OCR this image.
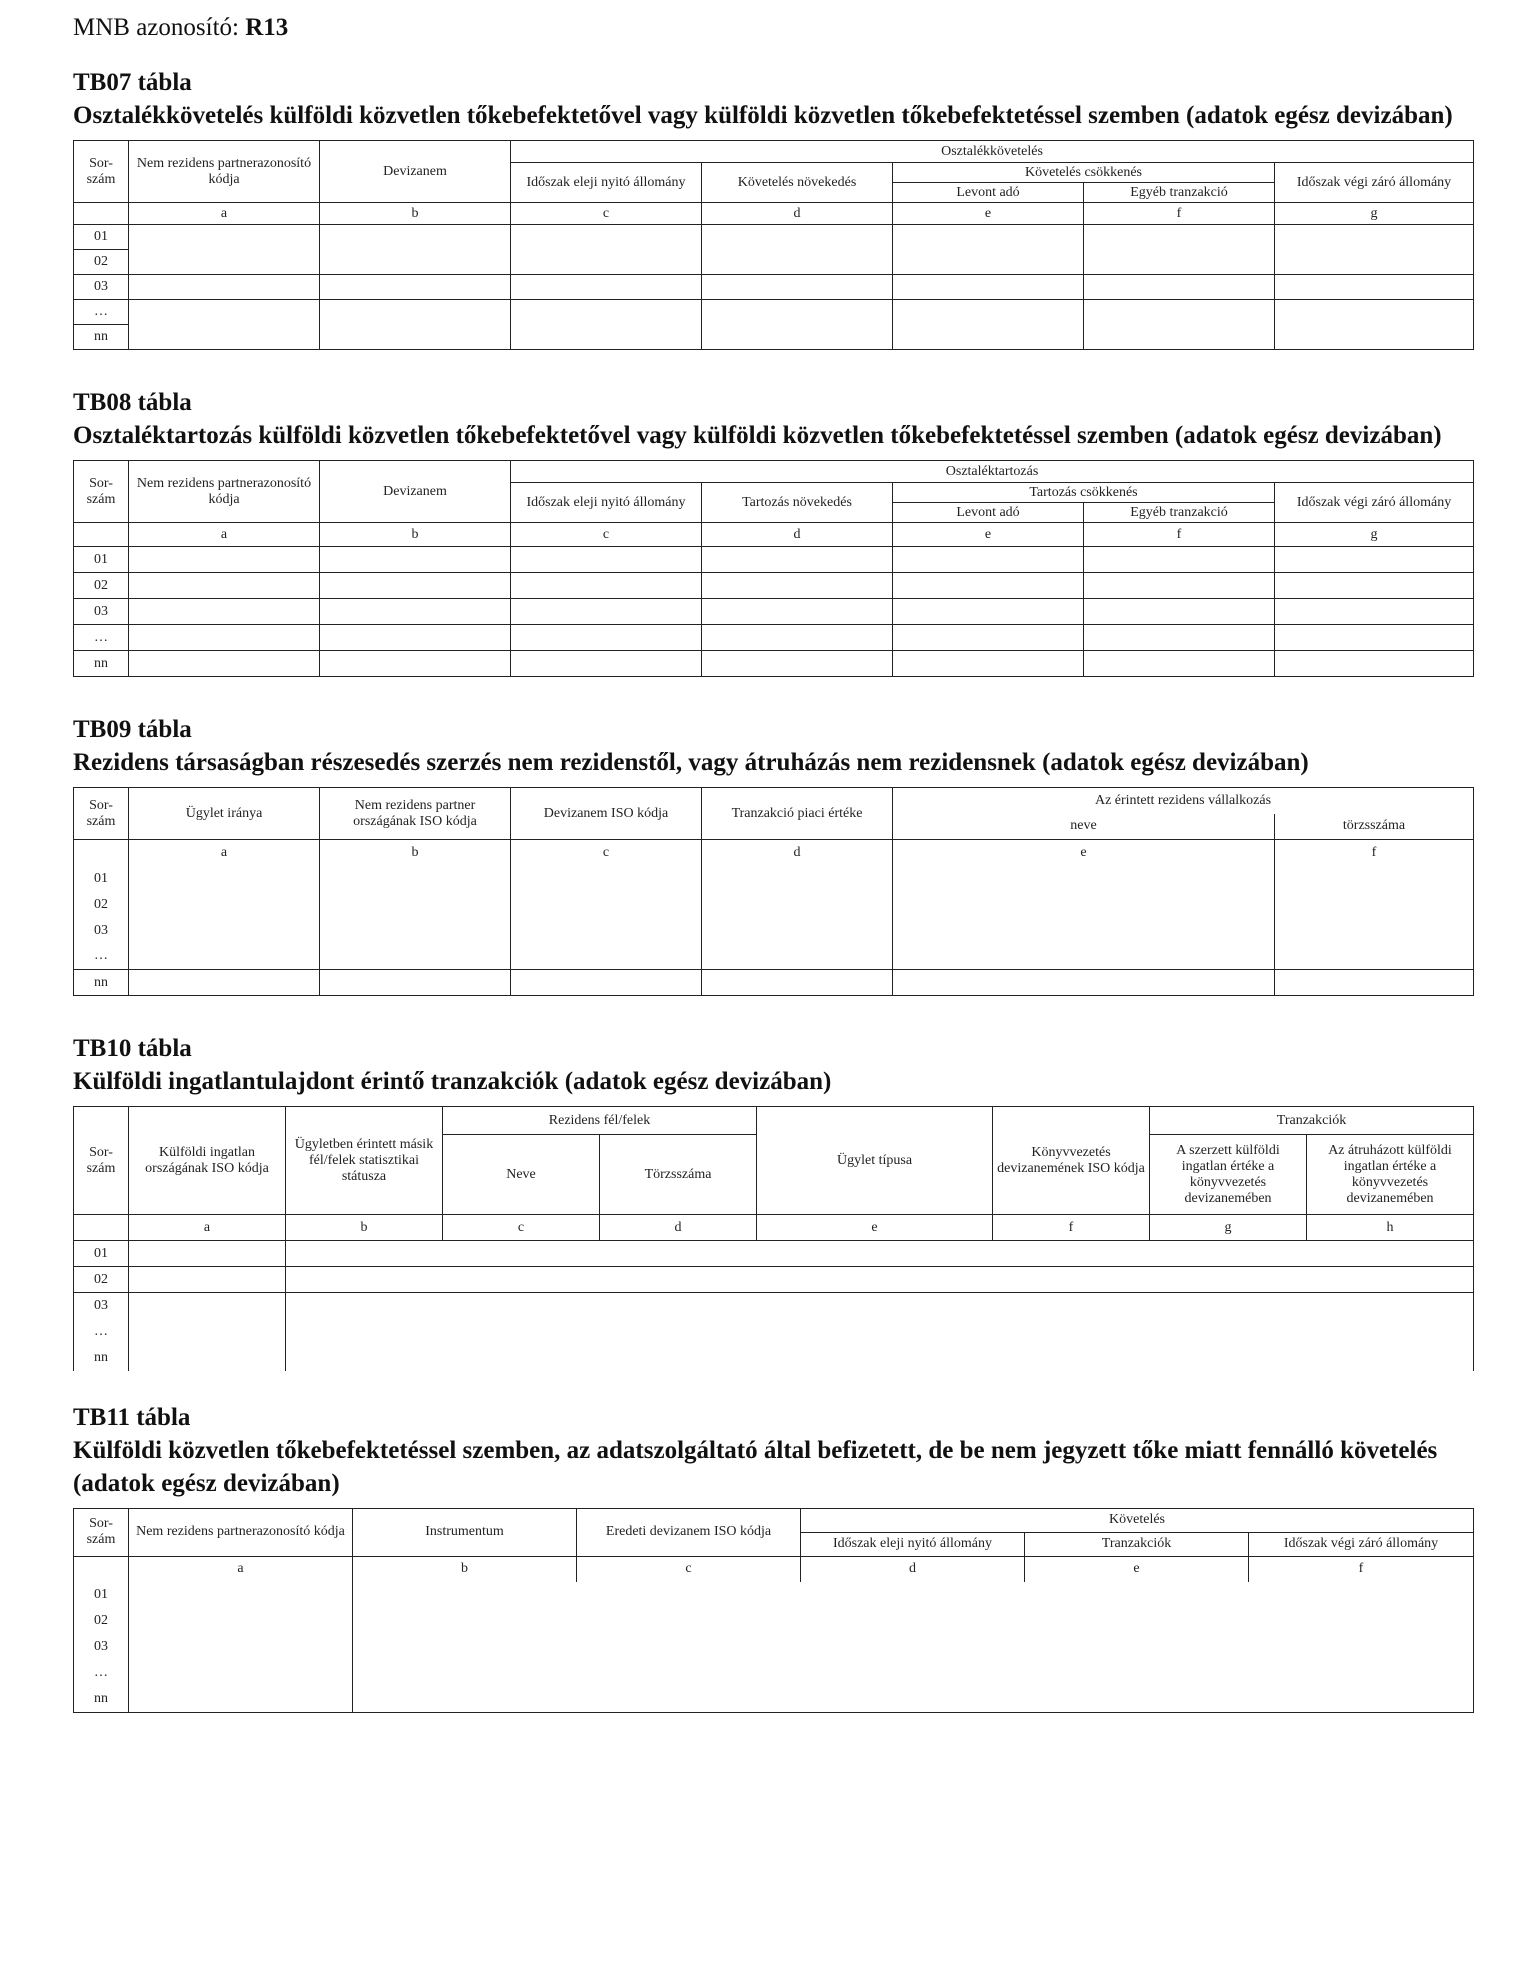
MNB azonosító: R13
TB07 tábla
Osztalékkövetelés külföldi közvetlen tőkebefektetővel vagy külföldi közvetlen tőkebefektetéssel szemben (adatok egész devizában)
Sor-
szám	Nem rezidens partnerazonosító kódja	Devizanem	Osztalékkövetelés				
			Időszak eleji nyitó állomány	Követelés növekedés	Követelés csökkenés		Időszak végi záró állomány
					Levont adó	Egyéb tranzakció	
	a	b	c	d	e	f	g
01							
02							
03							
…							
nn							
TB08 tábla
Osztaléktartozás külföldi közvetlen tőkebefektetővel vagy külföldi közvetlen tőkebefektetéssel szemben (adatok egész devizában)
Sor-
szám	Nem rezidens partnerazonosító kódja	Devizanem	Osztaléktartozás				
			Időszak eleji nyitó állomány	Tartozás növekedés	Tartozás csökkenés		Időszak végi záró állomány
					Levont adó	Egyéb tranzakció	
	a	b	c	d	e	f	g
01							
02							
03							
…							
nn							
TB09 tábla
Rezidens társaságban részesedés szerzés nem rezidenstől, vagy átruházás nem rezidensnek (adatok egész devizában)
Sor-
szám	Ügylet iránya	Nem rezidens partner országának ISO kódja	Devizanem ISO kódja	Tranzakció piaci értéke	Az érintett rezidens vállalkozás	
					neve	törzsszáma
	a	b	c	d	e	f
01						
02						
03						
…						
nn						
TB10 tábla
Külföldi ingatlantulajdont érintő tranzakciók (adatok egész devizában)
Sor-
szám	Külföldi ingatlan országának ISO kódja	Ügyletben érintett másik fél/felek statisztikai státusza	Rezidens fél/felek		Ügylet típusa	Könyvvezetés devizanemének ISO kódja	Tranzakciók	
			Neve	Törzsszáma			A szerzett külföldi ingatlan értéke a könyvvezetés devizanemében	Az átruházott külföldi ingatlan értéke a könyvvezetés devizanemében
	a	b	c	d	e	f	g	h
01								
02								
03								
…								
nn								
TB11 tábla
Külföldi közvetlen tőkebefektetéssel szemben, az adatszolgáltató által befizetett, de be nem jegyzett tőke miatt fennálló követelés (adatok egész devizában)
Sor-
szám	Nem rezidens partnerazonosító kódja	Instrumentum	Eredeti devizanem ISO kódja	Követelés		
				Időszak eleji nyitó állomány	Tranzakciók	Időszak végi záró állomány
	a	b	c	d	e	f
01						
02						
03						
…						
nn						
